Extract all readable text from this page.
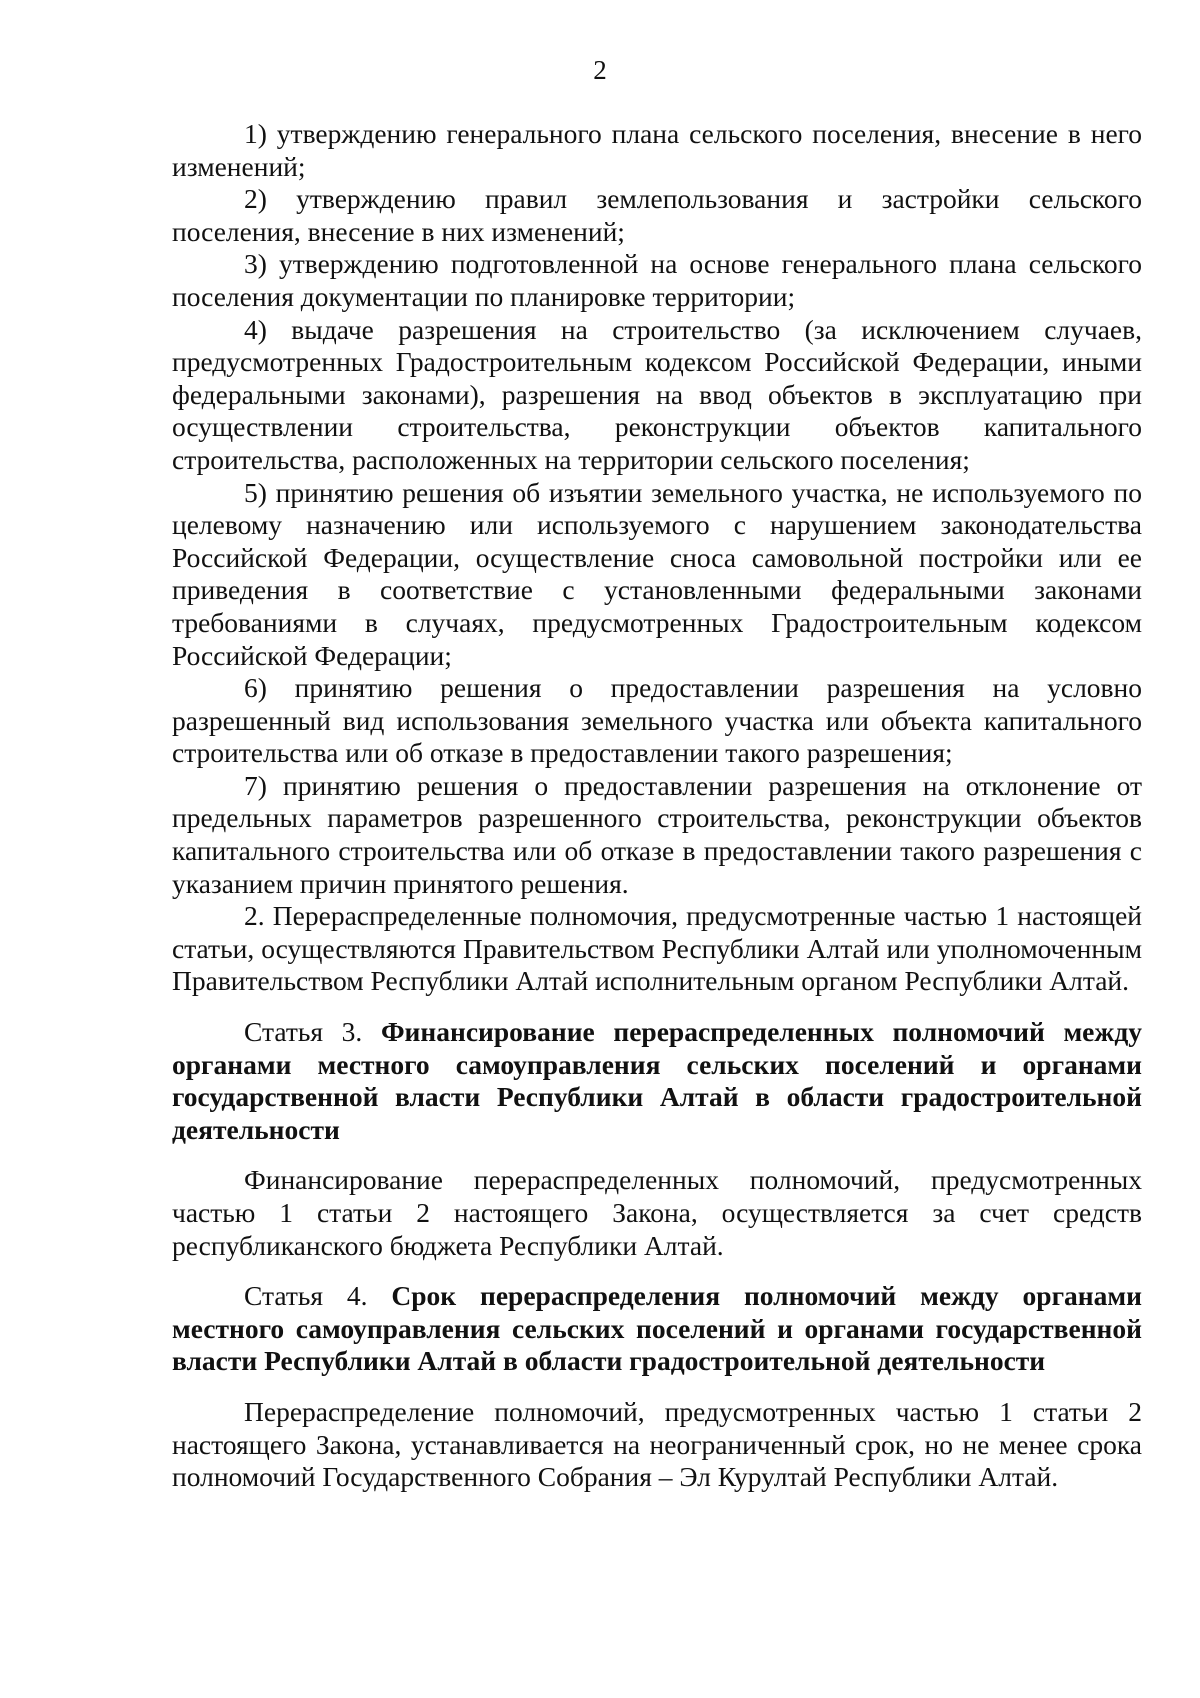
2

1) утверждению генерального плана сельского поселения, внесение в него изменений;

2) утверждению правил землепользования и застройки сельского поселения, внесение в них изменений;

3) утверждению подготовленной на основе генерального плана сельского поселения документации по планировке территории;

4) выдаче разрешения на строительство (за исключением случаев, предусмотренных Градостроительным кодексом Российской Федерации, иными федеральными законами), разрешения на ввод объектов в эксплуатацию при осуществлении строительства, реконструкции объектов капитального строительства, расположенных на территории сельского поселения;

5) принятию решения об изъятии земельного участка, не используемого по целевому назначению или используемого с нарушением законодательства Российской Федерации, осуществление сноса самовольной постройки или ее приведения в соответствие с установленными федеральными законами требованиями в случаях, предусмотренных Градостроительным кодексом Российской Федерации;

6) принятию решения о предоставлении разрешения на условно разрешенный вид использования земельного участка или объекта капитального строительства или об отказе в предоставлении такого разрешения;

7) принятию решения о предоставлении разрешения на отклонение от предельных параметров разрешенного строительства, реконструкции объектов капитального строительства или об отказе в предоставлении такого разрешения с указанием причин принятого решения.

2. Перераспределенные полномочия, предусмотренные частью 1 настоящей статьи, осуществляются Правительством Республики Алтай или уполномоченным Правительством Республики Алтай исполнительным органом Республики Алтай.

Статья 3. Финансирование перераспределенных полномочий между органами местного самоуправления сельских поселений и органами государственной власти Республики Алтай в области градостроительной деятельности

Финансирование перераспределенных полномочий, предусмотренных частью 1 статьи 2 настоящего Закона, осуществляется за счет средств республиканского бюджета Республики Алтай.

Статья 4. Срок перераспределения полномочий между органами местного самоуправления сельских поселений и органами государственной власти Республики Алтай в области градостроительной деятельности

Перераспределение полномочий, предусмотренных частью 1 статьи 2 настоящего Закона, устанавливается на неограниченный срок, но не менее срока полномочий Государственного Собрания – Эл Курултай Республики Алтай.
